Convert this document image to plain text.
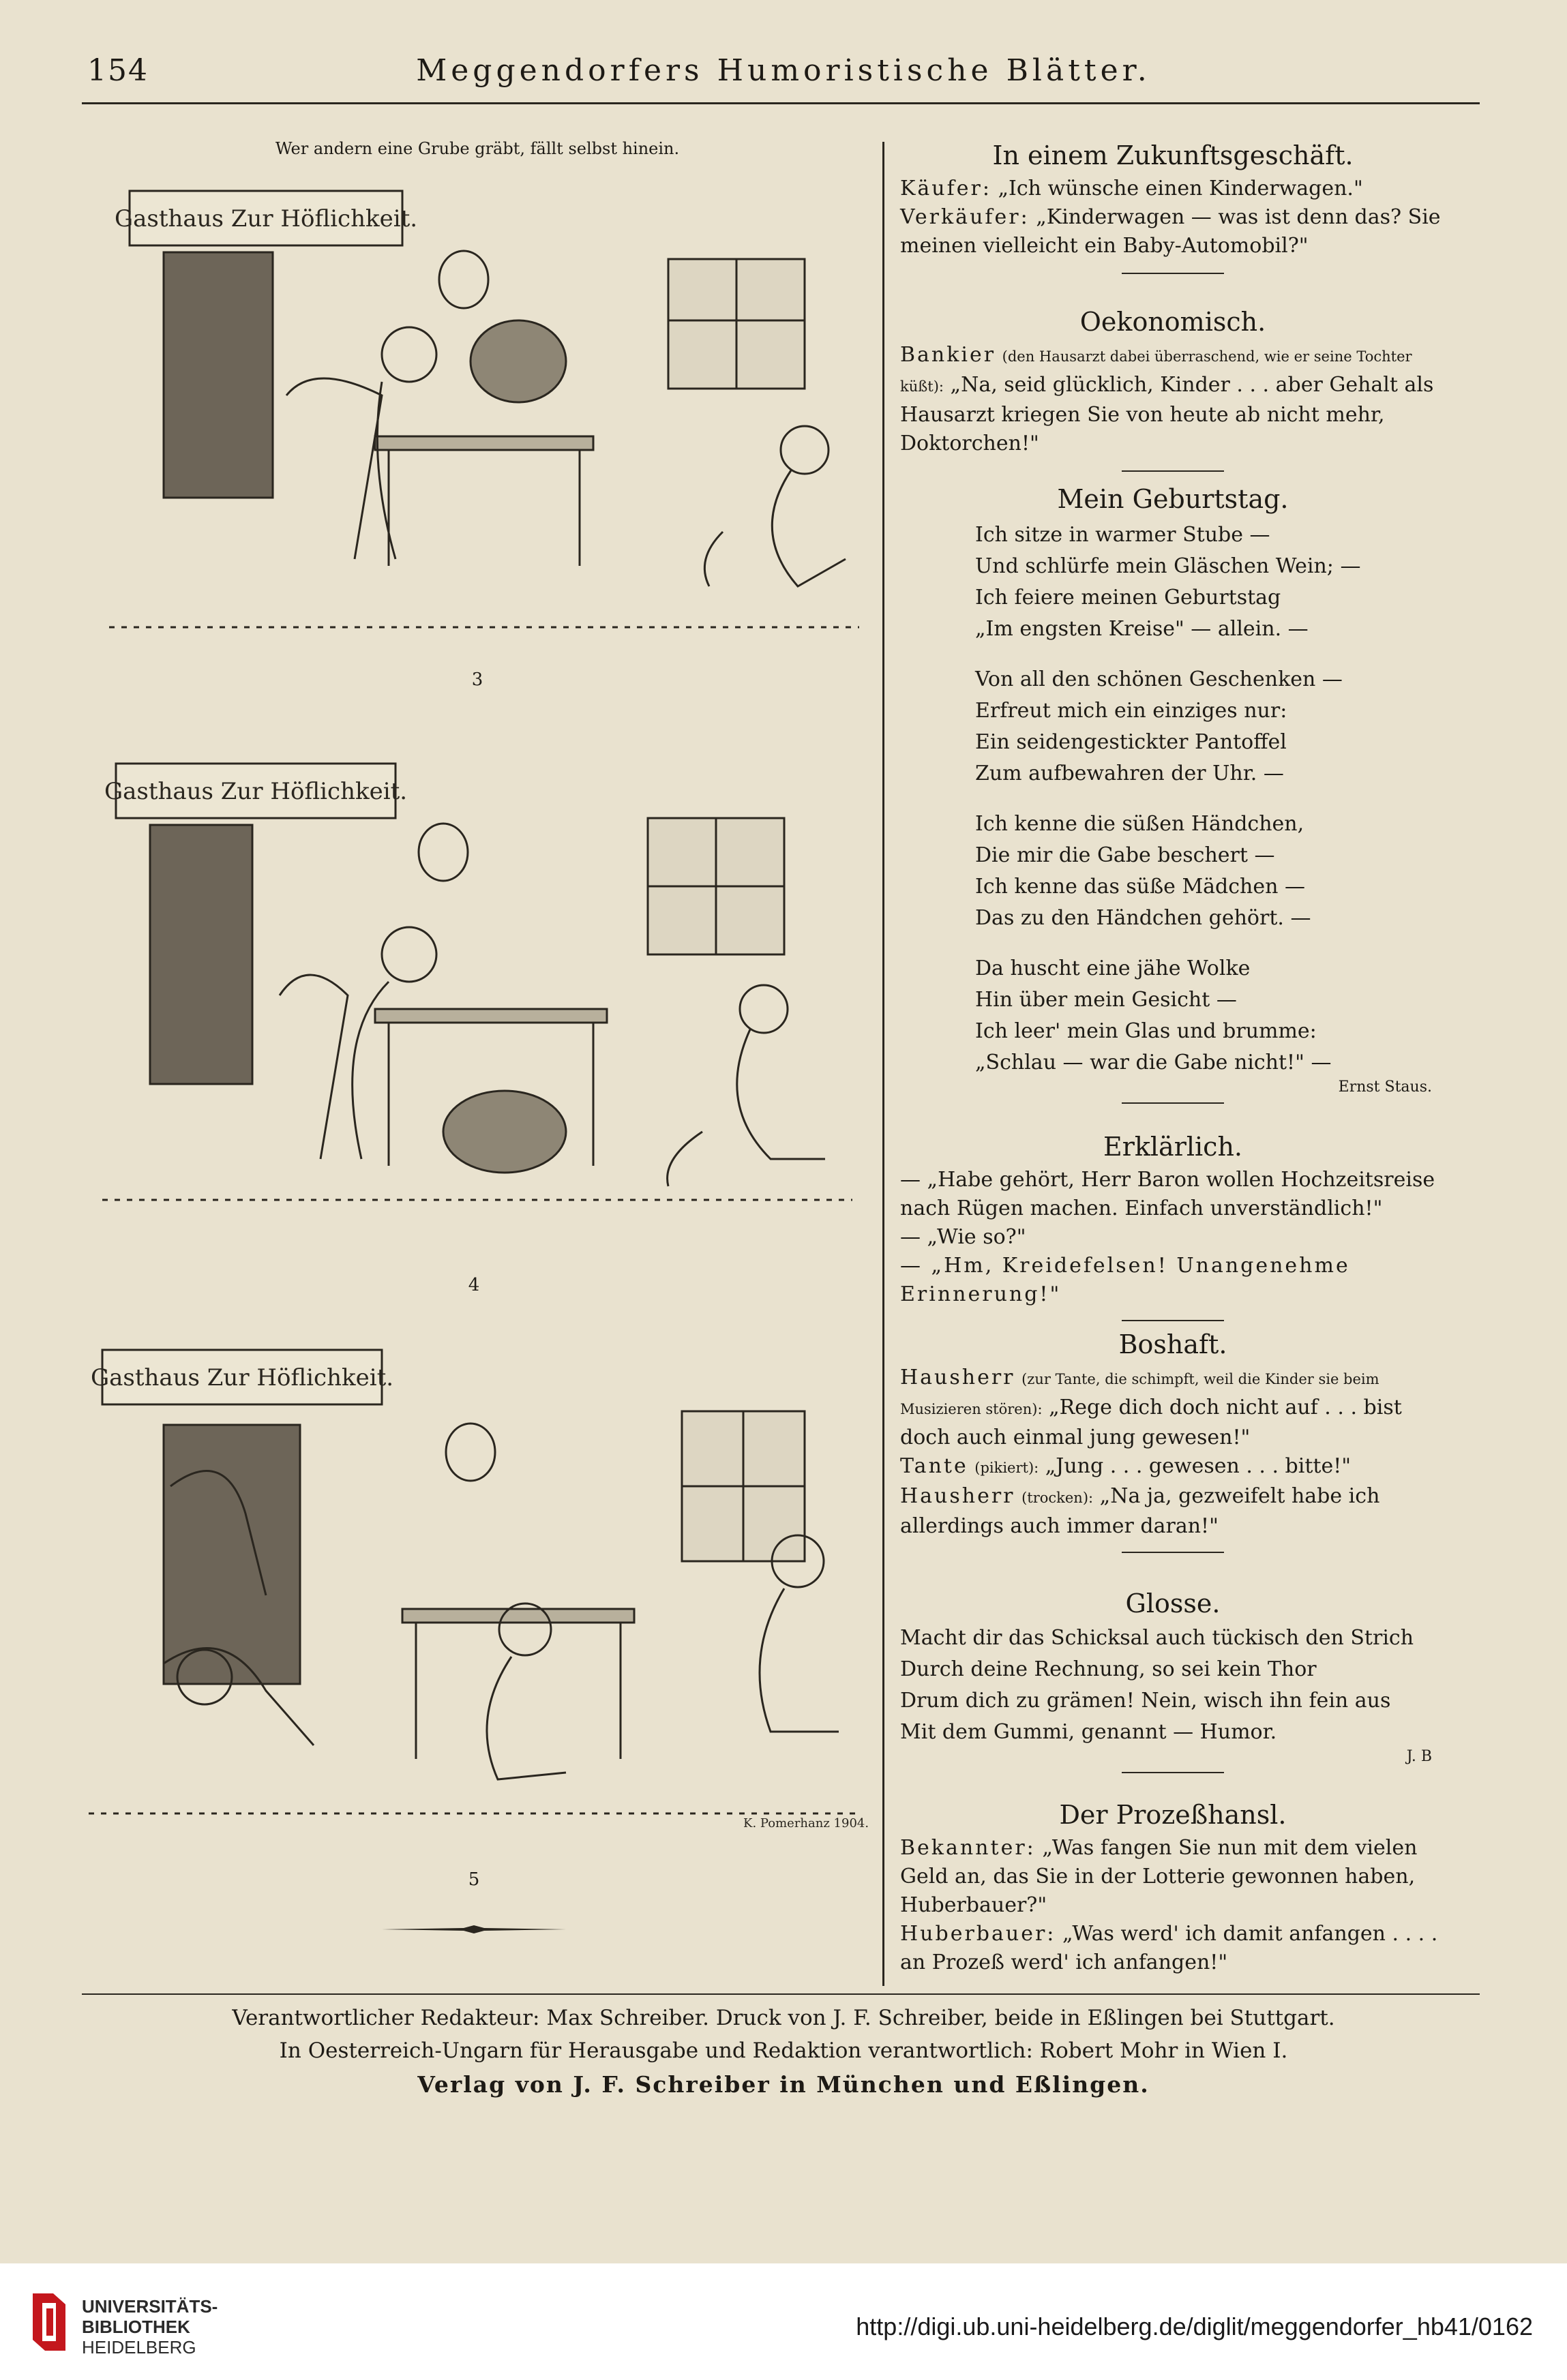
154	Meggendorfers Humoristische Blätter.
Wer andern eine Grube gräbt, fällt selbst hinein.
Gasthaus Zur Höflichkeit.
3
Gasthaus Zur Höflichkeit.
4
Gasthaus Zur Höflichkeit.
K. Pomerhanz 1904.
5
In einem Zukunftsgeschäft.

Käufer: „Ich wünsche einen Kinderwagen."

Verkäufer: „Kinderwagen — was ist denn das? Sie meinen vielleicht ein Baby-Automobil?"

Oekonomisch.

Bankier (den Hausarzt dabei überraschend, wie er seine Tochter küßt): „Na, seid glücklich, Kinder . . . aber Gehalt als Hausarzt kriegen Sie von heute ab nicht mehr, Doktorchen!"

Mein Geburtstag.
Ich sitze in warmer Stube —
Und schlürfe mein Gläschen Wein; —
Ich feiere meinen Geburtstag
„Im engsten Kreise" — allein. —
Von all den schönen Geschenken —
Erfreut mich ein einziges nur:
Ein seidengestickter Pantoffel
Zum aufbewahren der Uhr. —
Ich kenne die süßen Händchen,
Die mir die Gabe beschert —
Ich kenne das süße Mädchen —
Das zu den Händchen gehört. —
Da huscht eine jähe Wolke
Hin über mein Gesicht —
Ich leer' mein Glas und brumme:
„Schlau — war die Gabe nicht!" —
Ernst Staus.
Erklärlich.

— „Habe gehört, Herr Baron wollen Hochzeitsreise nach Rügen machen. Einfach unverständlich!"

— „Wie so?"

— „Hm, Kreidefelsen! Unangenehme Erinnerung!"

Boshaft.

Hausherr (zur Tante, die schimpft, weil die Kinder sie beim Musizieren stören): „Rege dich doch nicht auf . . . bist doch auch einmal jung gewesen!"

Tante (pikiert): „Jung . . . gewesen . . . bitte!"

Hausherr (trocken): „Na ja, gezweifelt habe ich allerdings auch immer daran!"

Glosse.
Macht dir das Schicksal auch tückisch den Strich
Durch deine Rechnung, so sei kein Thor
Drum dich zu grämen! Nein, wisch ihn fein aus
Mit dem Gummi, genannt — Humor.
J. B
Der Prozeßhansl.

Bekannter: „Was fangen Sie nun mit dem vielen Geld an, das Sie in der Lotterie gewonnen haben, Huberbauer?"

Huberbauer: „Was werd' ich damit anfangen . . . . an Prozeß werd' ich anfangen!"

Verantwortlicher Redakteur: Max Schreiber. Druck von J. F. Schreiber, beide in Eßlingen bei Stuttgart.
In Oesterreich-Ungarn für Herausgabe und Redaktion verantwortlich: Robert Mohr in Wien I.
Verlag von J. F. Schreiber in München und Eßlingen.
UNIVERSITÄTS-
BIBLIOTHEK
HEIDELBERG
http://digi.ub.uni-heidelberg.de/diglit/meggendorfer_hb41/0162
